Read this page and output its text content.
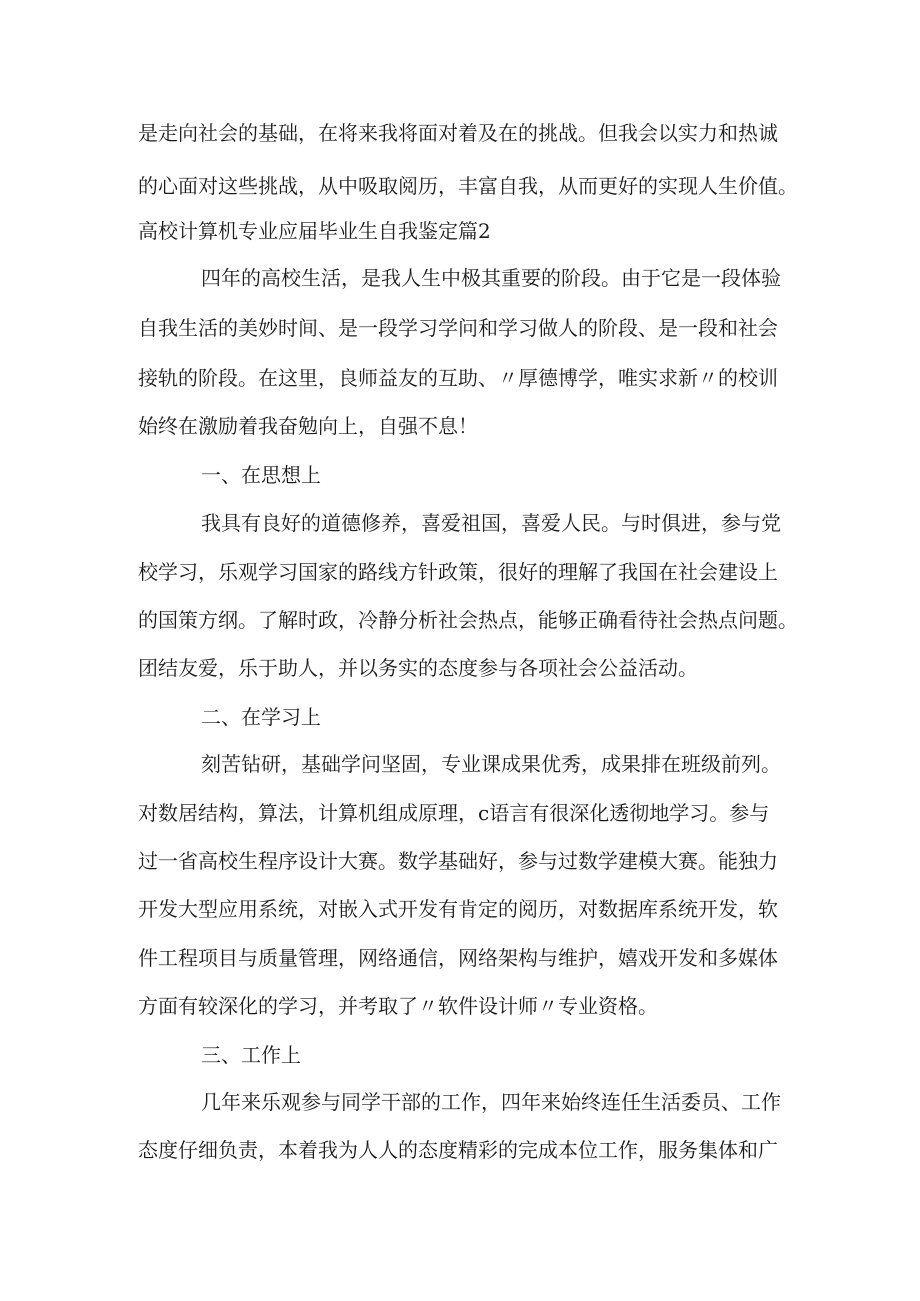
是走向社会的基础，在将来我将面对着及在的挑战。但我会以实力和热诚
的心面对这些挑战，从中吸取阅历，丰富自我，从而更好的实现人生价值。
高校计算机专业应届毕业生自我鉴定篇2
四年的高校生活，是我人生中极其重要的阶段。由于它是一段体验
自我生活的美妙时间、是一段学习学问和学习做人的阶段、是一段和社会
接轨的阶段。在这里，良师益友的互助、〃厚德博学，唯实求新〃的校训
始终在激励着我奋勉向上，自强不息！
一、在思想上
我具有良好的道德修养，喜爱祖国，喜爱人民。与时俱进，参与党
校学习，乐观学习国家的路线方针政策，很好的理解了我国在社会建设上
的国策方纲。了解时政，冷静分析社会热点，能够正确看待社会热点问题。
团结友爱，乐于助人，并以务实的态度参与各项社会公益活动。
二、在学习上
刻苦钻研，基础学问坚固，专业课成果优秀，成果排在班级前列。
对数居结构，算法，计算机组成原理，c语言有很深化透彻地学习。参与
过一省高校生程序设计大赛。数学基础好，参与过数学建模大赛。能独力
开发大型应用系统，对嵌入式开发有肯定的阅历，对数据库系统开发，软
件工程项目与质量管理，网络通信，网络架构与维护，嬉戏开发和多媒体
方面有较深化的学习，并考取了〃软件设计师〃专业资格。
三、工作上
几年来乐观参与同学干部的工作，四年来始终连任生活委员、工作
态度仔细负责，本着我为人人的态度精彩的完成本位工作，服务集体和广
